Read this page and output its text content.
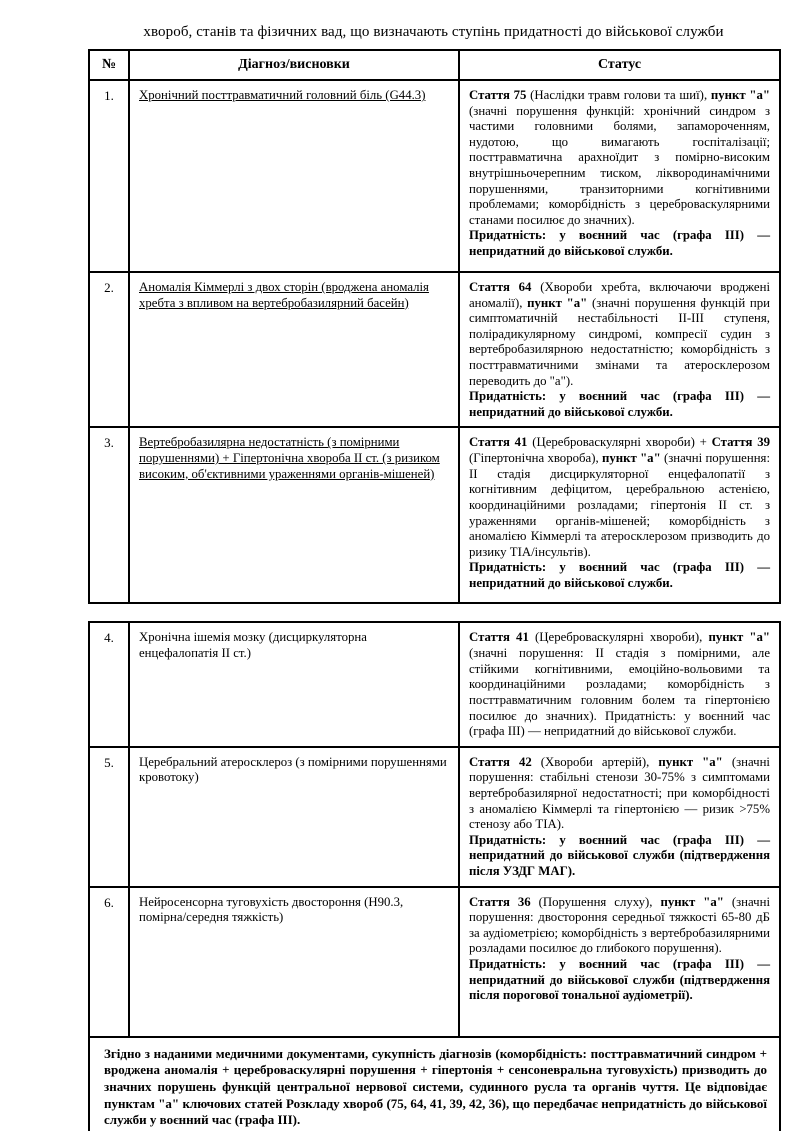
хвороб, станів та фізичних вад, що визначають ступінь придатності до військової служби
№	Діагноз/висновки	Статус
1.	Хронічний посттравматичний головний біль (G44.3)	Стаття 75 (Наслідки травм голови та шиї), пункт "а" (значні порушення функцій: хронічний синдром з частими головними болями, запамороченням, нудотою, що вимагають госпіталізації; посттравматична арахноїдит з помірно-високим внутрішньочерепним тиском, ліквородинамічними порушеннями, транзиторними когнітивними проблемами; коморбідність з цереброваскулярними станами посилює до значних).
Придатність: у воєнний час (графа III) — непридатний до військової служби.

2.	Аномалія Кіммерлі з двох сторін (вроджена аномалія хребта з впливом на вертебробазилярний басейн)	Стаття 64 (Хвороби хребта, включаючи вроджені аномалії), пункт "а" (значні порушення функцій при симптоматичній нестабільності II-III ступеня, полірадикулярному синдромі, компресії судин з вертебробазилярною недостатністю; коморбідність з посттравматичними змінами та атеросклерозом переводить до "а").
Придатність: у воєнний час (графа III) — непридатний до військової служби.

3.	Вертебробазилярна недостатність (з помірними порушеннями) + Гіпертонічна хвороба II ст. (з ризиком високим, об'єктивними ураженнями органів-мішеней)	Стаття 41 (Цереброваскулярні хвороби) + Стаття 39 (Гіпертонічна хвороба), пункт "а" (значні порушення: II стадія дисциркуляторної енцефалопатії з когнітивним дефіцитом, церебральною астенією, координаційними розладами; гіпертонія II ст. з ураженнями органів-мішеней; коморбідність з аномалією Кіммерлі та атеросклерозом призводить до ризику ТІА/інсультів).
Придатність: у воєнний час (графа III) — непридатний до військової служби.
4.	Хронічна ішемія мозку (дисциркуляторна енцефалопатія II ст.)	Стаття 41 (Цереброваскулярні хвороби), пункт "а" (значні порушення: II стадія з помірними, але стійкими когнітивними, емоційно-вольовими та координаційними розладами; коморбідність з посттравматичним головним болем та гіпертонією посилює до значних). Придатність: у воєнний час (графа III) — непридатний до військової служби.

5.	Церебральний атеросклероз (з помірними порушеннями кровотоку)	Стаття 42 (Хвороби артерій), пункт "а" (значні порушення: стабільні стенози 30-75% з симптомами вертебробазилярної недостатності; при коморбідності з аномалією Кіммерлі та гіпертонією — ризик >75% стенозу або ТІА).
Придатність: у воєнний час (графа III) — непридатний до військової служби (підтвердження після УЗДГ МАГ).

6.	Нейросенсорна туговухість двостороння (H90.3, помірна/середня тяжкість)	Стаття 36 (Порушення слуху), пункт "а" (значні порушення: двостороння середньої тяжкості 65-80 дБ за аудіометрією; коморбідність з вертебробазилярними розладами посилює до глибокого порушення).
Придатність: у воєнний час (графа III) — непридатний до військової служби (підтвердження після порогової тональної аудіометрії).

Згідно з наданими медичними документами, сукупність діагнозів (коморбідність: посттравматичний синдром + вроджена аномалія + цереброваскулярні порушення + гіпертонія + сенсоневральна туговухість) призводить до значних порушень функцій центральної нервової системи, судинного русла та органів чуття. Це відповідає пунктам "а" ключових статей Розкладу хвороб (75, 64, 41, 39, 42, 36), що передбачає непридатність до військової служби у воєнний час (графа III).		
